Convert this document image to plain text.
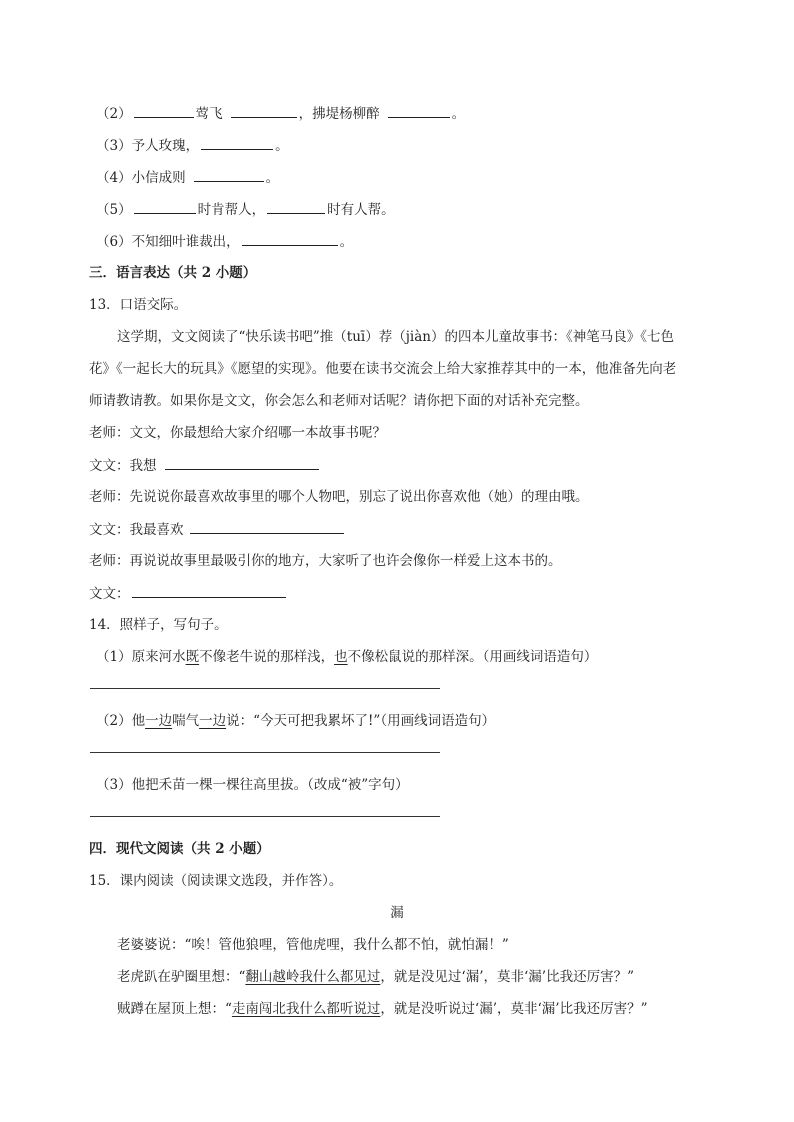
（2）	莺飞	，拂堤杨柳醉	。
（3）予人玫瑰，	。
（4）小信成则	。
（5）	时肯帮人，	时有人帮。
（6）不知细叶谁裁出，	。
三．语言表达（共 2 小题）
13．口语交际。
这学期，文文阅读了“快乐读书吧”推（tuī）荐（jiàn）的四本儿童故事书：《神笔马良》《七色
花》《一起长大的玩具》《愿望的实现》。他要在读书交流会上给大家推荐其中的一本，他准备先向老
师请教请教。如果你是文文，你会怎么和老师对话呢？请你把下面的对话补充完整。
老师：文文，你最想给大家介绍哪一本故事书呢？
文文：我想
老师：先说说你最喜欢故事里的哪个人物吧，别忘了说出你喜欢他（她）的理由哦。
文文：我最喜欢
老师：再说说故事里最吸引你的地方，大家听了也许会像你一样爱上这本书的。
文文：
14．照样子，写句子。
（1）原来河水既不像老牛说的那样浅，也不像松鼠说的那样深。（用画线词语造句）
（2）他一边喘气一边说：“今天可把我累坏了!”（用画线词语造句）
（3）他把禾苗一棵一棵往高里拔。（改成“被”字句）
四．现代文阅读（共 2 小题）
15．课内阅读（阅读课文选段，并作答）。
漏
老婆婆说：“唉！管他狼哩，管他虎哩，我什么都不怕，就怕漏！”
老虎趴在驴圈里想：“翻山越岭我什么都见过，就是没见过‘漏’，莫非‘漏’比我还厉害？”
贼蹲在屋顶上想：“走南闯北我什么都听说过，就是没听说过‘漏’，莫非‘漏’比我还厉害？”
